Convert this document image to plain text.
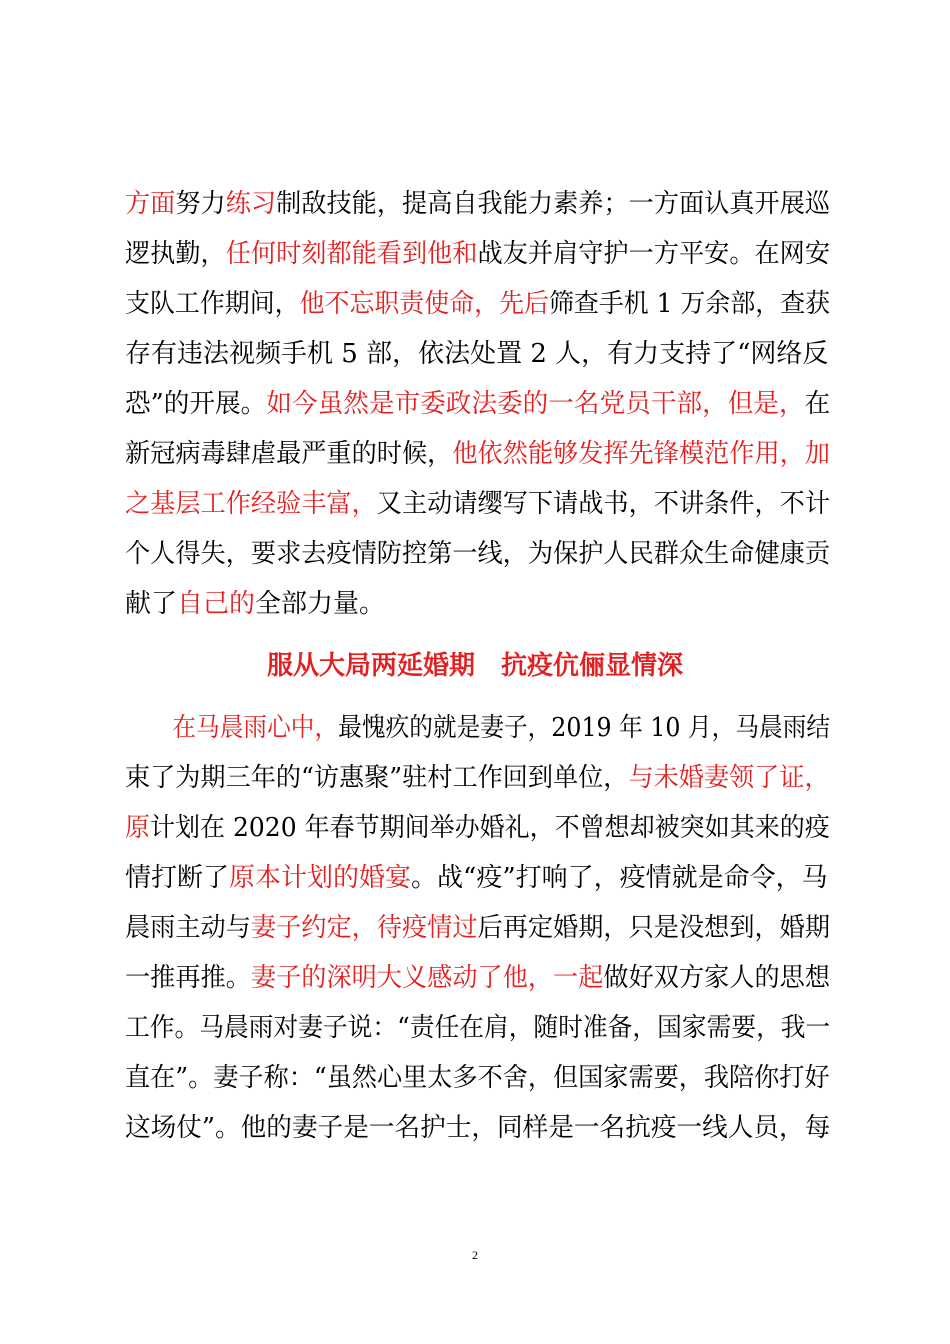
方面努力练习制敌技能，提高自我能力素养；一方面认真开展巡
逻执勤，任何时刻都能看到他和战友并肩守护一方平安。在网安
支队工作期间，他不忘职责使命，先后筛查手机 1 万余部，查获
存有违法视频手机 5 部，依法处置 2 人，有力支持了“网络反
恐”的开展。如今虽然是市委政法委的一名党员干部，但是，在
新冠病毒肆虐最严重的时候，他依然能够发挥先锋模范作用，加
之基层工作经验丰富，又主动请缨写下请战书，不讲条件，不计
个人得失，要求去疫情防控第一线，为保护人民群众生命健康贡
献了自己的全部力量。
服从大局两延婚期　抗疫伉俪显情深
　　在马晨雨心中，最愧疚的就是妻子，2019 年 10 月，马晨雨结
束了为期三年的“访惠聚”驻村工作回到单位，与未婚妻领了证，
原计划在 2020 年春节期间举办婚礼，不曾想却被突如其来的疫
情打断了原本计划的婚宴。战“疫”打响了，疫情就是命令，马
晨雨主动与妻子约定，待疫情过后再定婚期，只是没想到，婚期
一推再推。妻子的深明大义感动了他，一起做好双方家人的思想
工作。马晨雨对妻子说：“责任在肩，随时准备，国家需要，我一
直在”。妻子称：“虽然心里太多不舍，但国家需要，我陪你打好
这场仗”。他的妻子是一名护士，同样是一名抗疫一线人员，每
2
